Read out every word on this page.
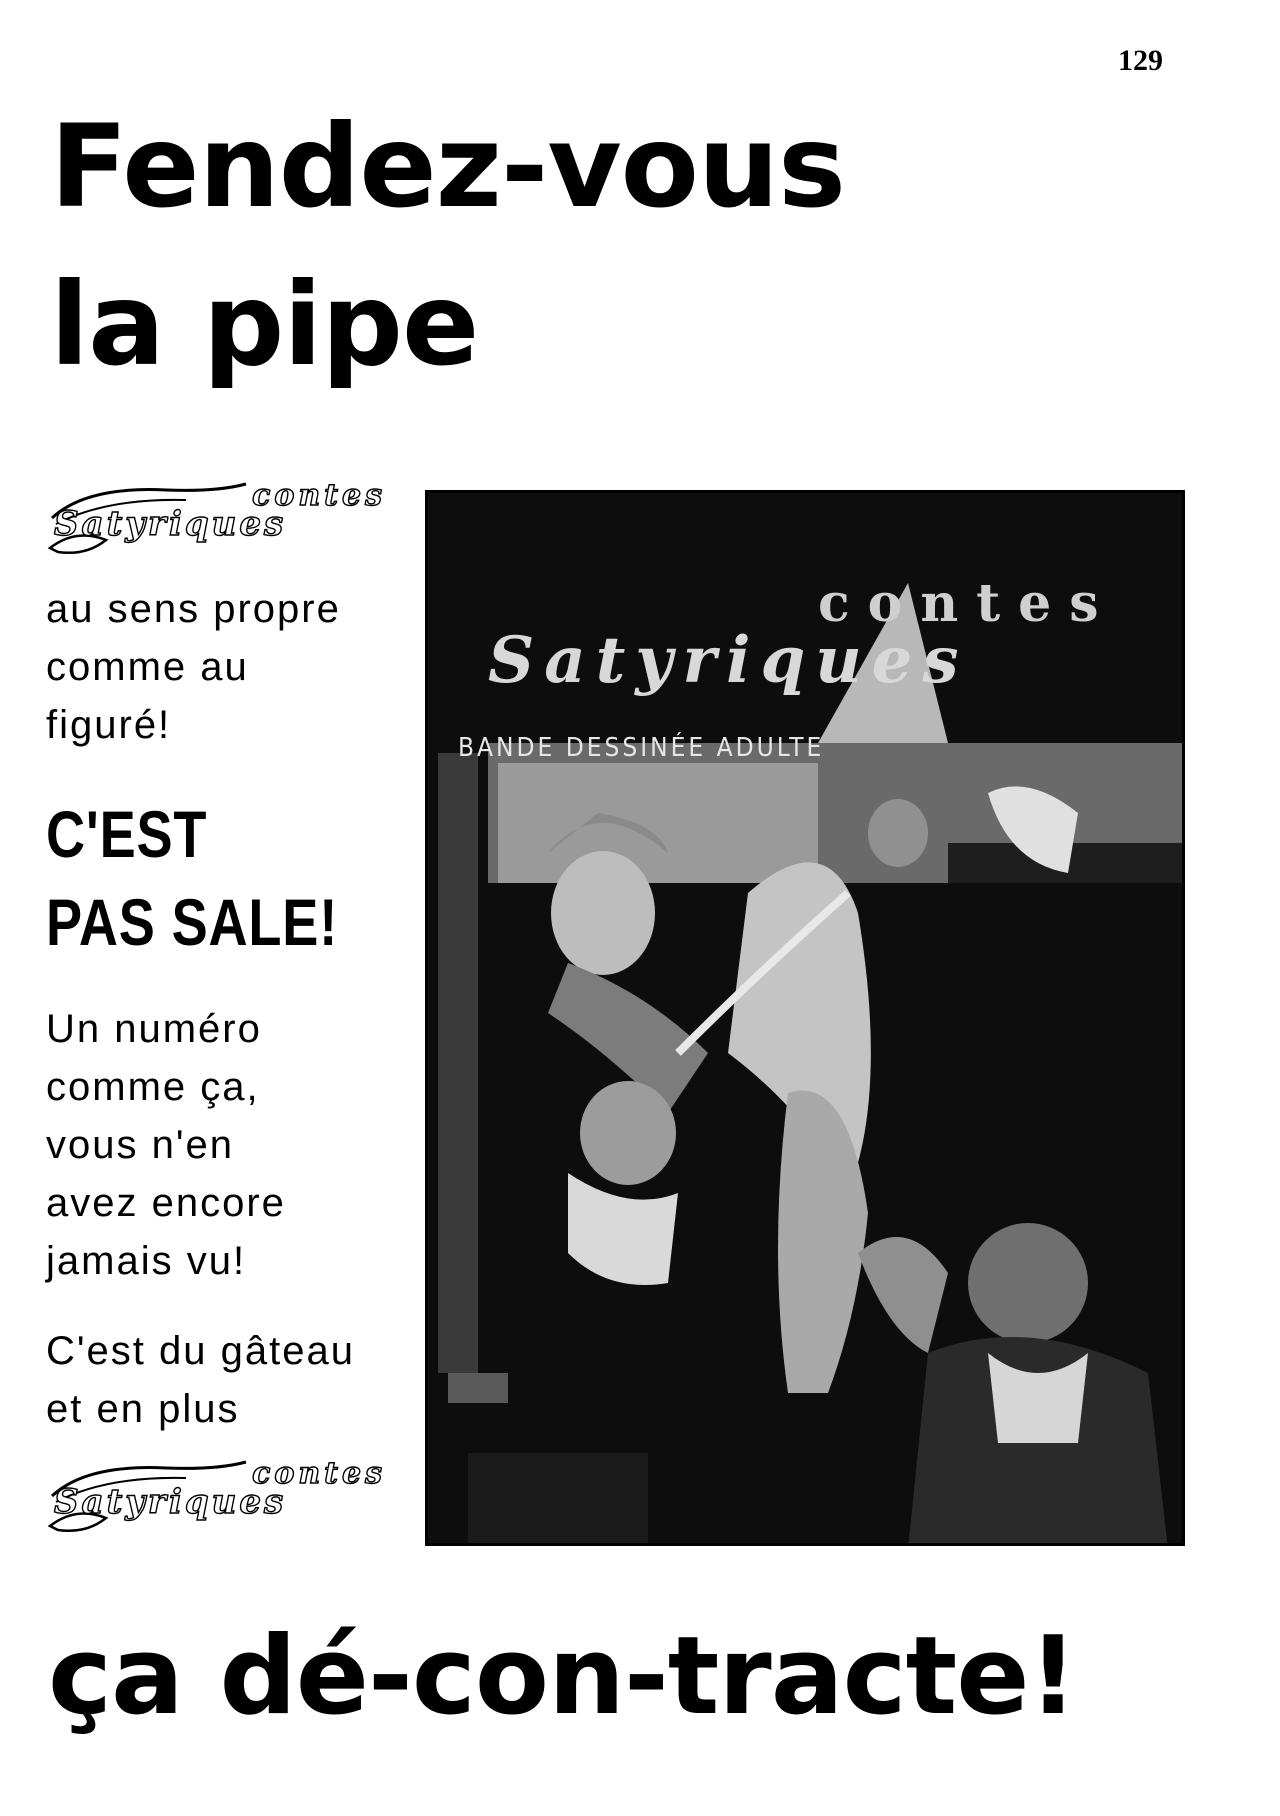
129
Fendez-vous
la pipe
contes
Satyriques

au sens propre
comme au
figuré!

C'EST
PAS SALE!

Un numéro
comme ça,
vous n'en
avez encore
jamais vu!

C'est du gâteau
et en plus

contes
Satyriques
contes
Satyriques
BANDE DESSINÉE ADULTE

ça dé-con-tracte!
